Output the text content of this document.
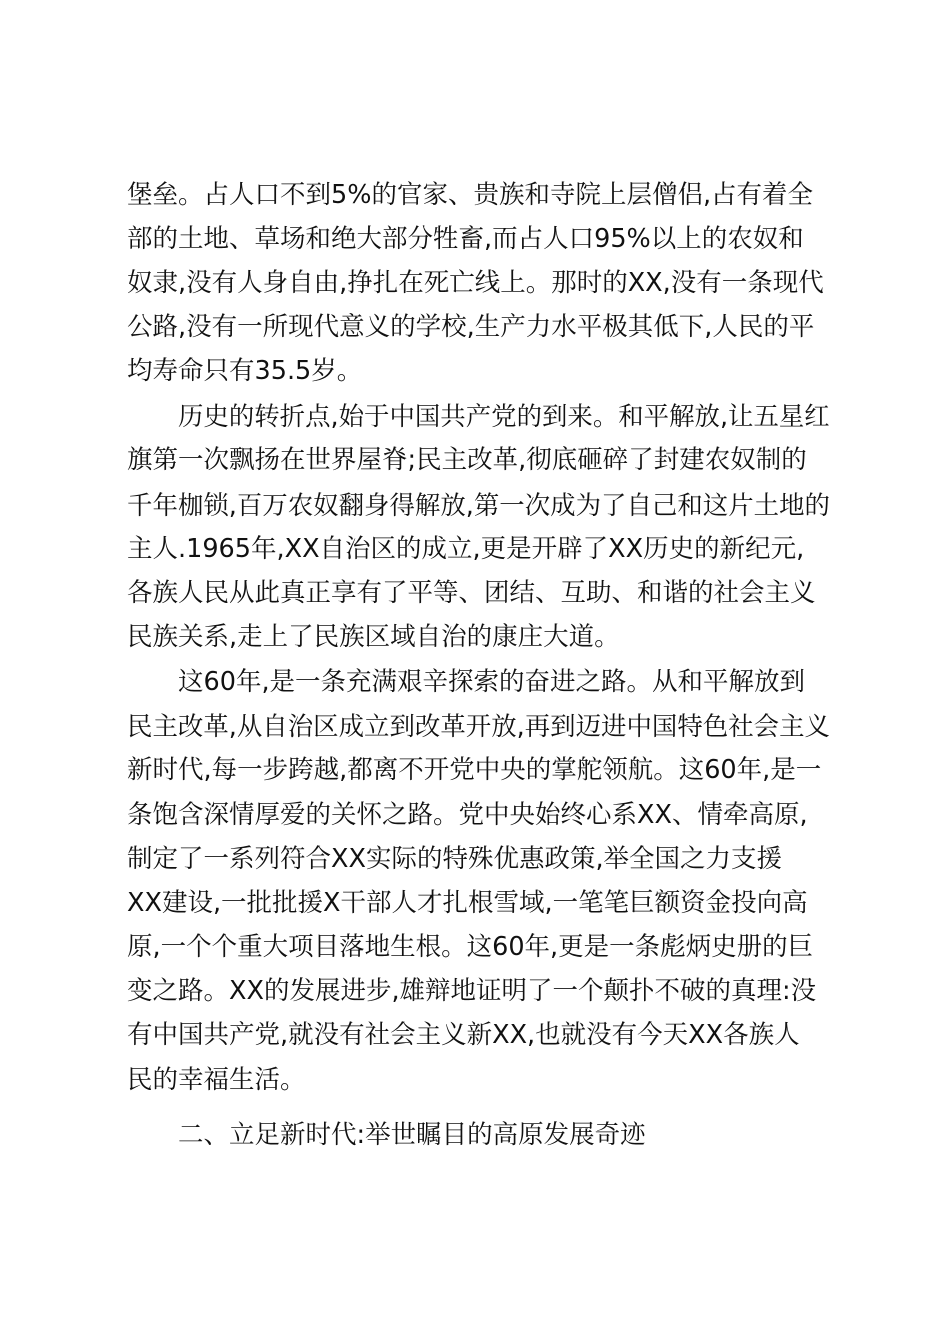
堡垒。占人口不到5%的官家、贵族和寺院上层僧侣,占有着全
部的土地、草场和绝大部分牲畜,而占人口95%以上的农奴和
奴隶,没有人身自由,挣扎在死亡线上。那时的XX,没有一条现代
公路,没有一所现代意义的学校,生产力水平极其低下,人民的平
均寿命只有35.5岁。
历史的转折点,始于中国共产党的到来。和平解放,让五星红
旗第一次飘扬在世界屋脊;民主改革,彻底砸碎了封建农奴制的
千年枷锁,百万农奴翻身得解放,第一次成为了自己和这片土地的
主人.1965年,XX自治区的成立,更是开辟了XX历史的新纪元,
各族人民从此真正享有了平等、团结、互助、和谐的社会主义
民族关系,走上了民族区域自治的康庄大道。
这60年,是一条充满艰辛探索的奋进之路。从和平解放到
民主改革,从自治区成立到改革开放,再到迈进中国特色社会主义
新时代,每一步跨越,都离不开党中央的掌舵领航。这60年,是一
条饱含深情厚爱的关怀之路。党中央始终心系XX、情牵高原,
制定了一系列符合XX实际的特殊优惠政策,举全国之力支援
XX建设,一批批援X干部人才扎根雪域,一笔笔巨额资金投向高
原,一个个重大项目落地生根。这60年,更是一条彪炳史册的巨
变之路。XX的发展进步,雄辩地证明了一个颠扑不破的真理:没
有中国共产党,就没有社会主义新XX,也就没有今天XX各族人
民的幸福生活。
二、立足新时代:举世瞩目的高原发展奇迹
